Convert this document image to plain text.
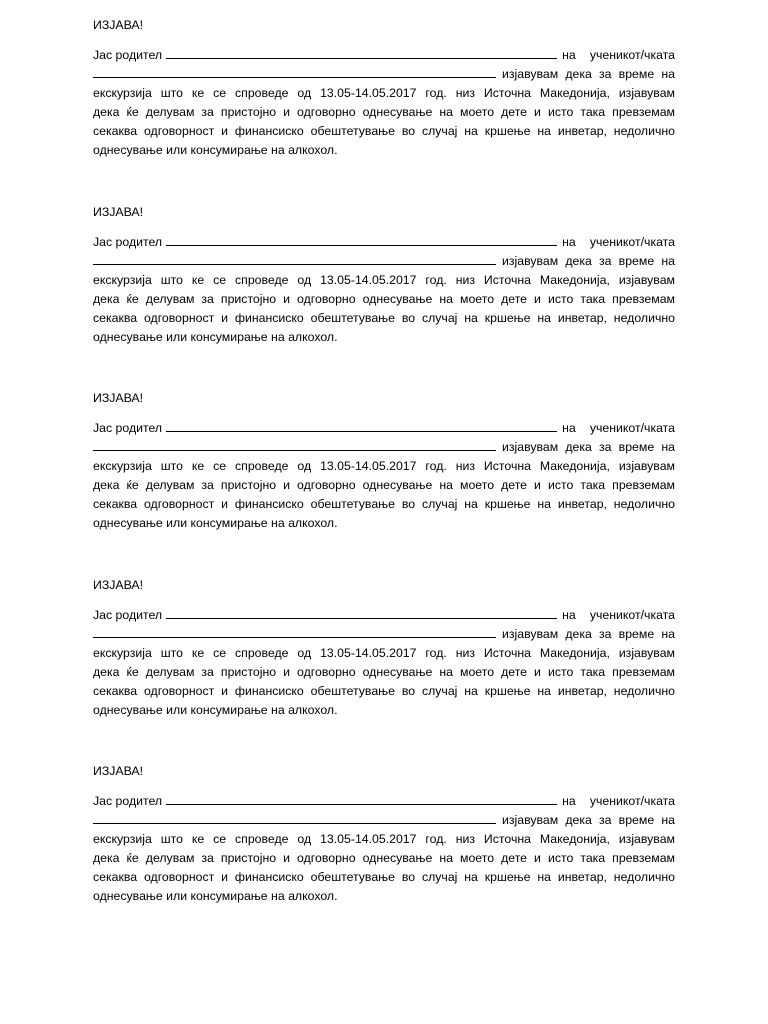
ИЗЈАВА!
Јас родител	на ученикот/чката
изјавувам дека за време на
екскурзија што ке се спроведе од 13.05-14.05.2017 год. низ Источна Македонија, изјавувам
дека ќе делувам за пристојно и одговорно однесување на моето дете и исто така превземам
секаква одговорност и финансиско обештетување во случај на кршење на инветар, недолично
однесување или консумирање на алкохол.
ИЗЈАВА!
Јас родител	на ученикот/чката
изјавувам дека за време на
екскурзија што ке се спроведе од 13.05-14.05.2017 год. низ Источна Македонија, изјавувам
дека ќе делувам за пристојно и одговорно однесување на моето дете и исто така превземам
секаква одговорност и финансиско обештетување во случај на кршење на инветар, недолично
однесување или консумирање на алкохол.
ИЗЈАВА!
Јас родител	на ученикот/чката
изјавувам дека за време на
екскурзија што ке се спроведе од 13.05-14.05.2017 год. низ Источна Македонија, изјавувам
дека ќе делувам за пристојно и одговорно однесување на моето дете и исто така превземам
секаква одговорност и финансиско обештетување во случај на кршење на инветар, недолично
однесување или консумирање на алкохол.
ИЗЈАВА!
Јас родител	на ученикот/чката
изјавувам дека за време на
екскурзија што ке се спроведе од 13.05-14.05.2017 год. низ Источна Македонија, изјавувам
дека ќе делувам за пристојно и одговорно однесување на моето дете и исто така превземам
секаква одговорност и финансиско обештетување во случај на кршење на инветар, недолично
однесување или консумирање на алкохол.
ИЗЈАВА!
Јас родител	на ученикот/чката
изјавувам дека за време на
екскурзија што ке се спроведе од 13.05-14.05.2017 год. низ Источна Македонија, изјавувам
дека ќе делувам за пристојно и одговорно однесување на моето дете и исто така превземам
секаква одговорност и финансиско обештетување во случај на кршење на инветар, недолично
однесување или консумирање на алкохол.
